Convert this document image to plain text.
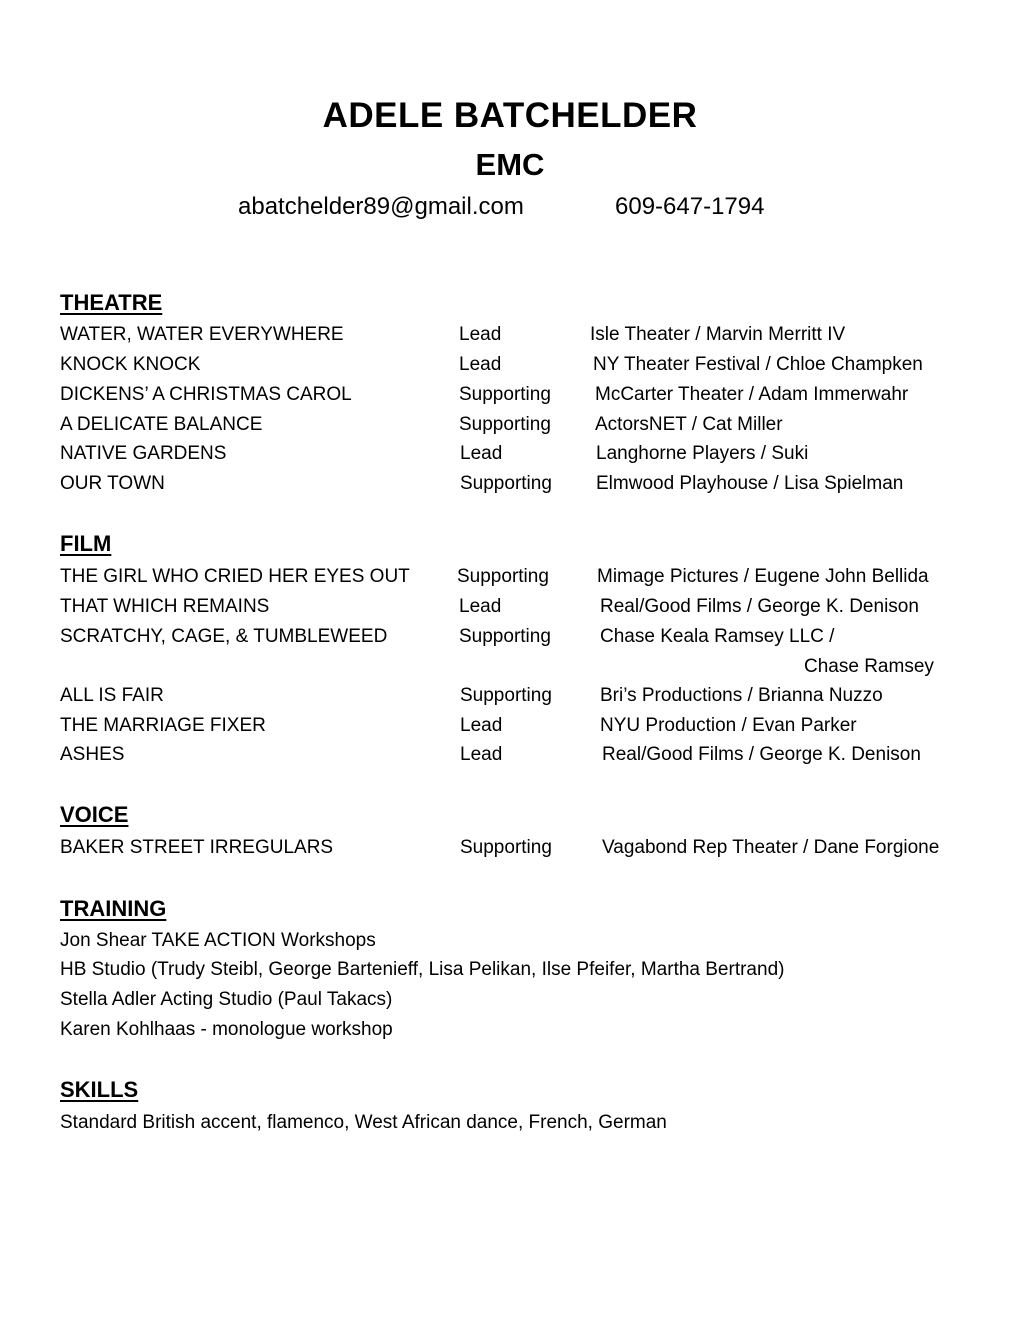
ADELE BATCHELDER
EMC
abatchelder89@gmail.com	609-647-1794
THEATRE
WATER, WATER EVERYWHERE	Lead	Isle Theater / Marvin Merritt IV
KNOCK KNOCK	Lead	NY Theater Festival / Chloe Champken
DICKENS’ A CHRISTMAS CAROL	Supporting McCarter Theater / Adam Immerwahr
A DELICATE BALANCE	Supporting ActorsNET / Cat Miller
NATIVE GARDENS	Lead	Langhorne Players / Suki
OUR TOWN	Supporting Elmwood Playhouse / Lisa Spielman
FILM
THE GIRL WHO CRIED HER EYES OUT Supporting	Mimage Pictures / Eugene John Bellida
THAT WHICH REMAINS	Lead	Real/Good Films / George K. Denison
SCRATCHY, CAGE, & TUMBLEWEED	Supporting	Chase Keala Ramsey LLC /
Chase Ramsey
ALL IS FAIR	Supporting	Bri’s Productions / Brianna Nuzzo
THE MARRIAGE FIXER	Lead	NYU Production / Evan Parker
ASHES	Lead	Real/Good Films / George K. Denison
VOICE
BAKER STREET IRREGULARS	Supporting	Vagabond Rep Theater / Dane Forgione
TRAINING
Jon Shear TAKE ACTION Workshops
HB Studio (Trudy Steibl, George Bartenieff, Lisa Pelikan, Ilse Pfeifer, Martha Bertrand)
Stella Adler Acting Studio (Paul Takacs)
Karen Kohlhaas - monologue workshop
SKILLS
Standard British accent, flamenco, West African dance, French, German
